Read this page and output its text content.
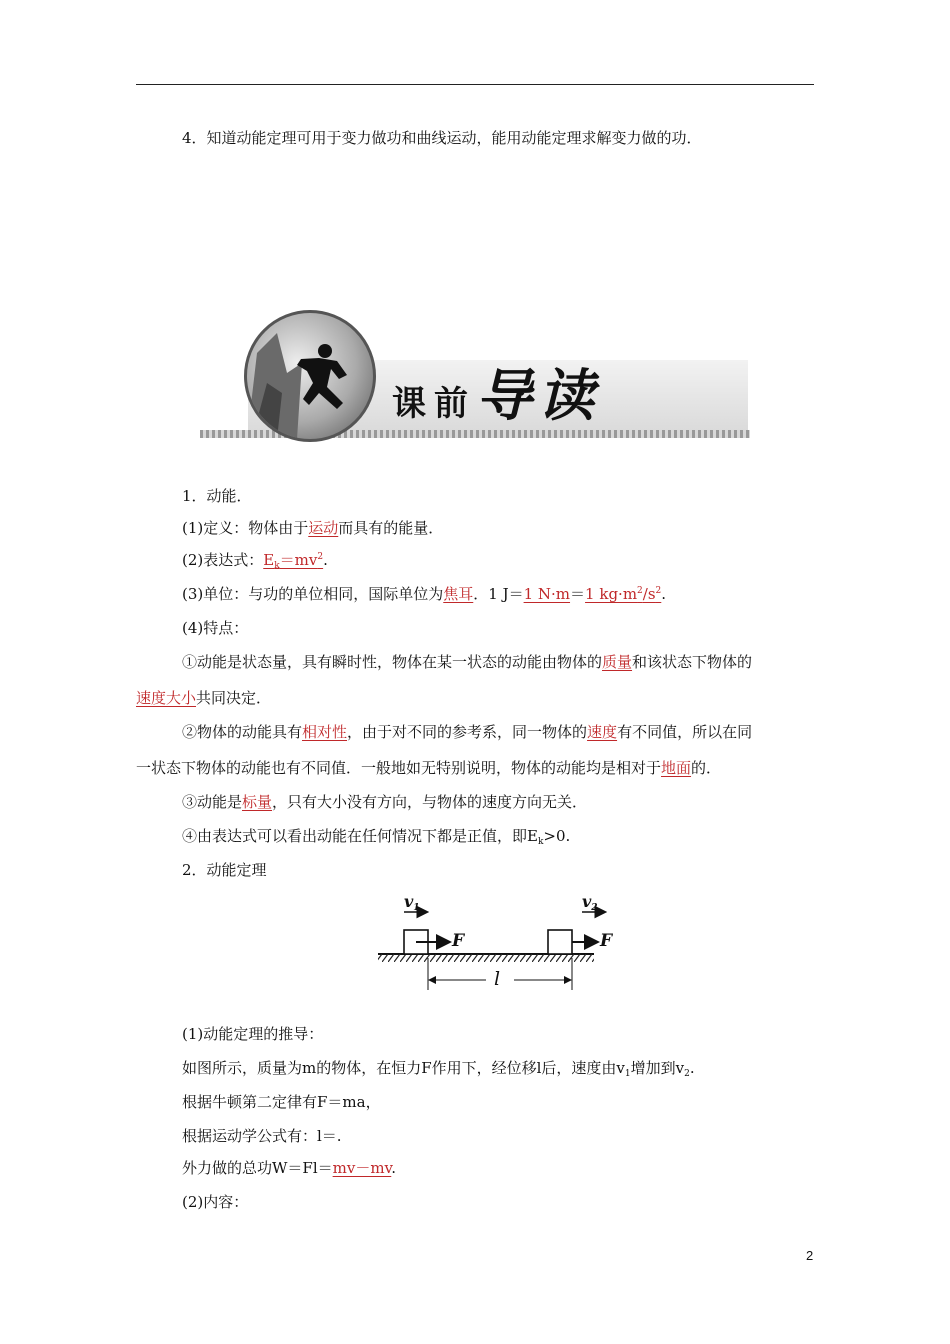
4．知道动能定理可用于变力做功和曲线运动，能用动能定理求解变力做的功．
课前导读
1．动能．
(1)定义：物体由于运动而具有的能量．
(2)表达式：$E_k=mv^2$.
(3)单位：与功的单位相同，国际单位为焦耳．1 J＝1 N·m＝1 $kg\cdot m^2/s^2$.
(4)特点：
①动能是状态量，具有瞬时性，物体在某一状态的动能由物体的质量和该状态下物体的
速度大小共同决定．
②物体的动能具有相对性，由于对不同的参考系，同一物体的速度有不同值，所以在同
一状态下物体的动能也有不同值．一般地如无特别说明，物体的动能均是相对于地面的．
③动能是标量，只有大小没有方向，与物体的速度方向无关．
④由表达式可以看出动能在任何情况下都是正值，即$E_k>0$.
2．动能定理
$v_1$	$v_2$
F	F
l
(1)动能定理的推导：
如图所示，质量为m的物体，在恒力F作用下，经位移l后，速度由$v_1$增加到$v_2$.
根据牛顿第二定律有F＝ma，
根据运动学公式有：l＝.
外力做的总功W＝Fl＝mv－mv.
(2)内容：
2
